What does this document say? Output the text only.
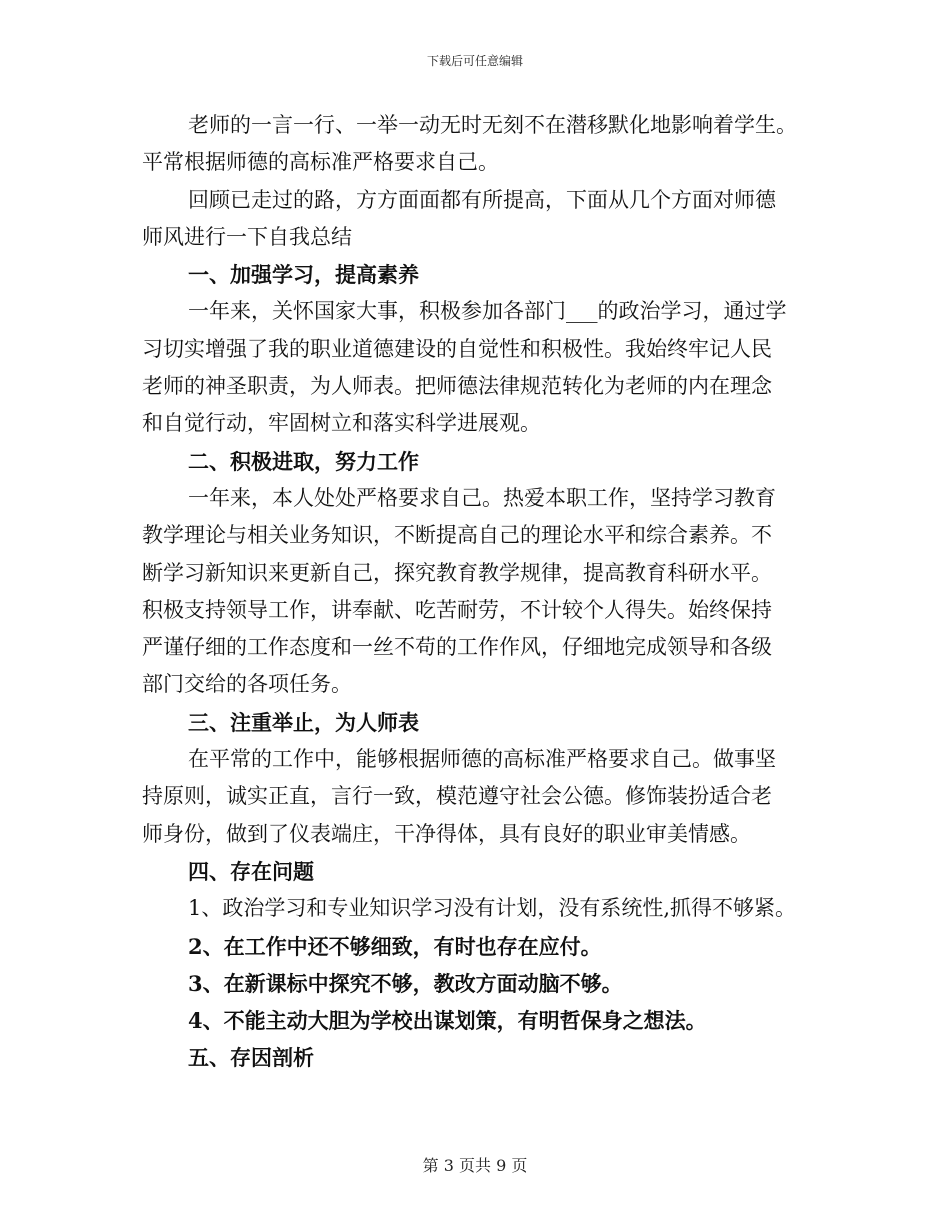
下载后可任意编辑
老师的一言一行、一举一动无时无刻不在潜移默化地影响着学生。
平常根据师德的高标准严格要求自己。
回顾已走过的路，方方面面都有所提高，下面从几个方面对师德
师风进行一下自我总结
一、加强学习，提高素养
一年来，关怀国家大事，积极参加各部门___的政治学习，通过学
习切实增强了我的职业道德建设的自觉性和积极性。我始终牢记人民
老师的神圣职责，为人师表。把师德法律规范转化为老师的内在理念
和自觉行动，牢固树立和落实科学进展观。
二、积极进取，努力工作
一年来，本人处处严格要求自己。热爱本职工作，坚持学习教育
教学理论与相关业务知识，不断提高自己的理论水平和综合素养。不
断学习新知识来更新自己，探究教育教学规律，提高教育科研水平。
积极支持领导工作，讲奉献、吃苦耐劳，不计较个人得失。始终保持
严谨仔细的工作态度和一丝不苟的工作作风，仔细地完成领导和各级
部门交给的各项任务。
三、注重举止，为人师表
在平常的工作中，能够根据师德的高标准严格要求自己。做事坚
持原则，诚实正直，言行一致，模范遵守社会公德。修饰装扮适合老
师身份，做到了仪表端庄，干净得体，具有良好的职业审美情感。
四、存在问题
1、政治学习和专业知识学习没有计划，没有系统性,抓得不够紧。
2、在工作中还不够细致，有时也存在应付。
3、在新课标中探究不够，教改方面动脑不够。
4、不能主动大胆为学校出谋划策，有明哲保身之想法。
五、存因剖析
第 3 页共 9 页
